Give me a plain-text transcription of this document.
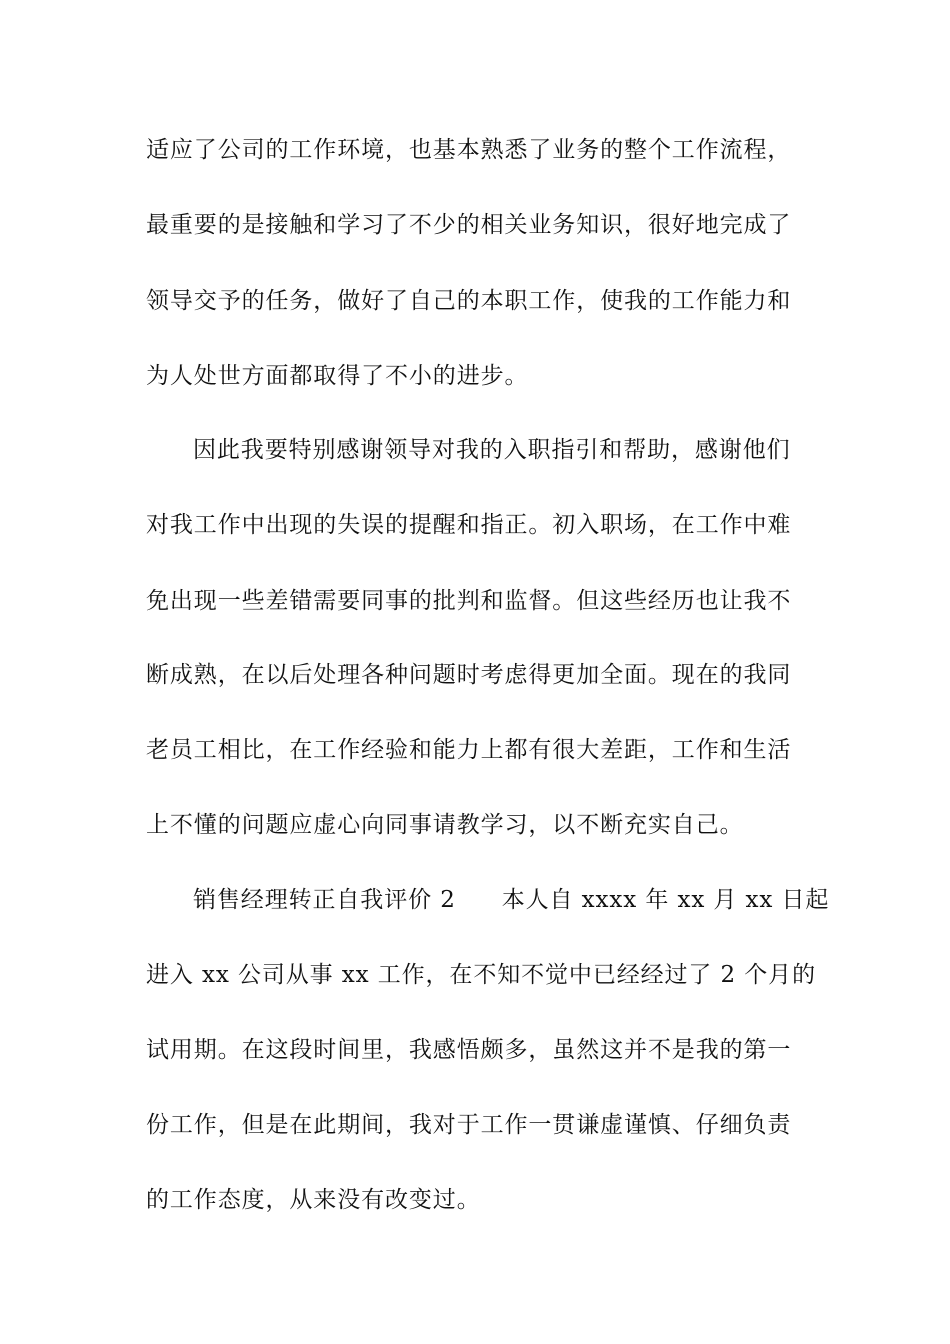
适应了公司的工作环境，也基本熟悉了业务的整个工作流程，
最重要的是接触和学习了不少的相关业务知识，很好地完成了
领导交予的任务，做好了自己的本职工作，使我的工作能力和
为人处世方面都取得了不小的进步。
因此我要特别感谢领导对我的入职指引和帮助，感谢他们
对我工作中出现的失误的提醒和指正。初入职场，在工作中难
免出现一些差错需要同事的批判和监督。但这些经历也让我不
断成熟，在以后处理各种问题时考虑得更加全面。现在的我同
老员工相比，在工作经验和能力上都有很大差距，工作和生活
上不懂的问题应虚心向同事请教学习，以不断充实自己。
销售经理转正自我评价 2 本人自 xxxx 年 xx 月 xx 日起
进入 xx 公司从事 xx 工作，在不知不觉中已经经过了 2 个月的
试用期。在这段时间里，我感悟颇多，虽然这并不是我的第一
份工作，但是在此期间，我对于工作一贯谦虚谨慎、仔细负责
的工作态度，从来没有改变过。
